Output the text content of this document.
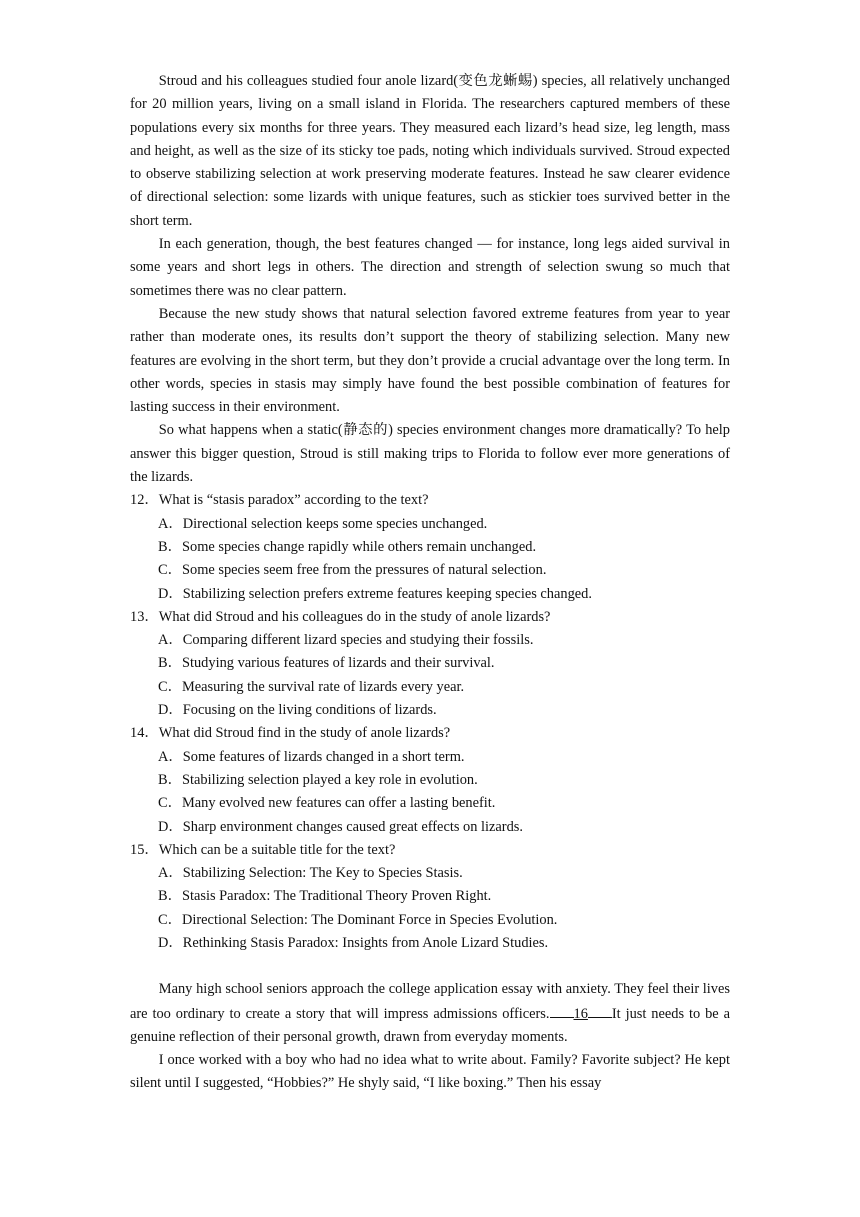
Stroud and his colleagues studied four anole lizard(变色龙蜥蜴) species, all relatively unchanged for 20 million years, living on a small island in Florida. The researchers captured members of these populations every six months for three years. They measured each lizard’s head size, leg length, mass and height, as well as the size of its sticky toe pads, noting which individuals survived. Stroud expected to observe stabilizing selection at work preserving moderate features. Instead he saw clearer evidence of directional selection: some lizards with unique features, such as stickier toes survived better in the short term.

In each generation, though, the best features changed — for instance, long legs aided survival in some years and short legs in others. The direction and strength of selection swung so much that sometimes there was no clear pattern.

Because the new study shows that natural selection favored extreme features from year to year rather than moderate ones, its results don’t support the theory of stabilizing selection. Many new features are evolving in the short term, but they don’t provide a crucial advantage over the long term. In other words, species in stasis may simply have found the best possible combination of features for lasting success in their environment.

So what happens when a static(静态的) species environment changes more dramatically? To help answer this bigger question, Stroud is still making trips to Florida to follow ever more generations of the lizards.

12．What is “stasis paradox” according to the text?

A．Directional selection keeps some species unchanged.

B．Some species change rapidly while others remain unchanged.

C．Some species seem free from the pressures of natural selection.

D．Stabilizing selection prefers extreme features keeping species changed.

13．What did Stroud and his colleagues do in the study of anole lizards?

A．Comparing different lizard species and studying their fossils.

B．Studying various features of lizards and their survival.

C．Measuring the survival rate of lizards every year.

D．Focusing on the living conditions of lizards.

14．What did Stroud find in the study of anole lizards?

A．Some features of lizards changed in a short term.

B．Stabilizing selection played a key role in evolution.

C．Many evolved new features can offer a lasting benefit.

D．Sharp environment changes caused great effects on lizards.

15．Which can be a suitable title for the text?

A．Stabilizing Selection: The Key to Species Stasis.

B．Stasis Paradox: The Traditional Theory Proven Right.

C．Directional Selection: The Dominant Force in Species Evolution.

D．Rethinking Stasis Paradox: Insights from Anole Lizard Studies.

Many high school seniors approach the college application essay with anxiety. They feel their lives are too ordinary to create a story that will impress admissions officers. 16 It just needs to be a genuine reflection of their personal growth, drawn from everyday moments.

I once worked with a boy who had no idea what to write about. Family? Favorite subject? He kept silent until I suggested, “Hobbies?” He shyly said, “I like boxing.” Then his essay
